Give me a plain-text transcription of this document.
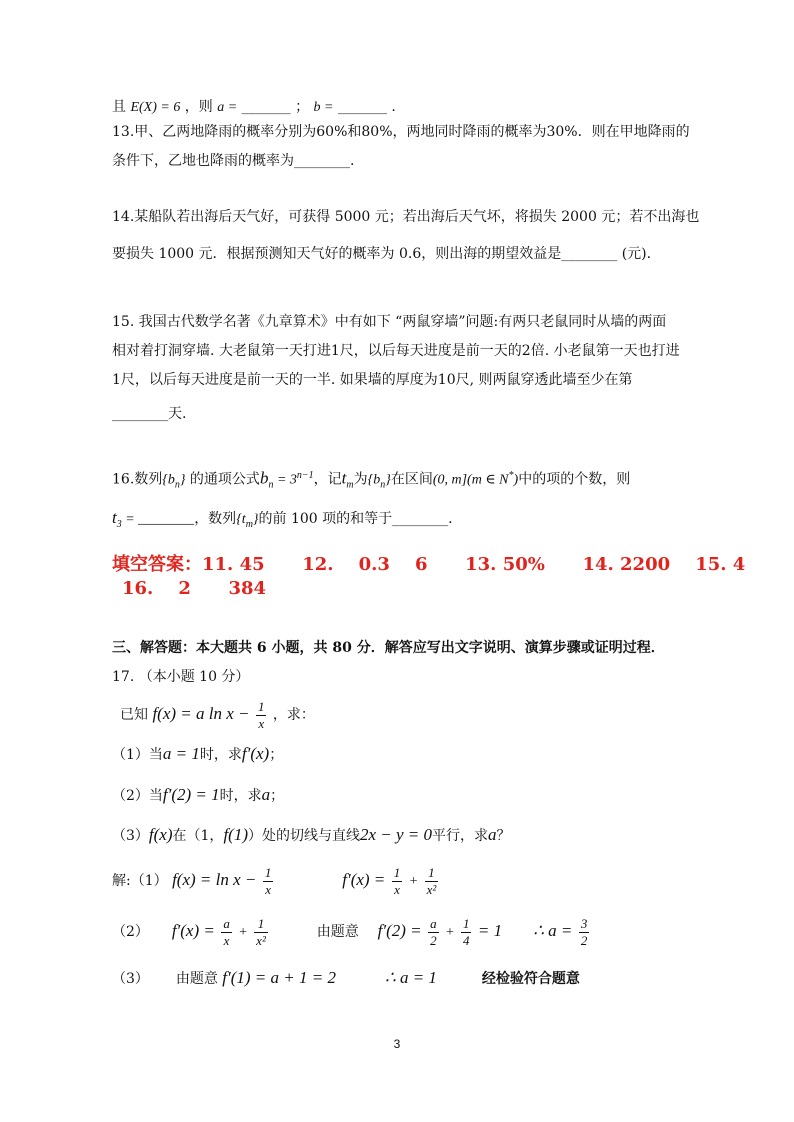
且 E(X) = 6 ，则 a = _______ ； b = _______ .
13.甲、乙两地降雨的概率分别为60%和80%，两地同时降雨的概率为30%．则在甲地降雨的
条件下，乙地也降雨的概率为________.
14.某船队若出海后天气好，可获得 5000 元；若出海后天气坏，将损失 2000 元；若不出海也
要损失 1000 元．根据预测知天气好的概率为 0.6，则出海的期望效益是________ (元).
15. 我国古代数学名著《九章算术》中有如下 “两鼠穿墙”问题:有两只老鼠同时从墙的两面
相对着打洞穿墙. 大老鼠第一天打进1尺，以后每天进度是前一天的2倍. 小老鼠第一天也打进
1尺，以后每天进度是前一天的一半. 如果墙的厚度为10尺, 则两鼠穿透此墙至少在第
________天.
16.数列$\{b_n\}$ 的通项公式$b_n = 3^{n-1}$，记$t_m$为$\{b_n\}$在区间(0, m](m ∈ N*)中的项的个数，则
$t_3$ = ________，数列$\{t_m\}$的前 100 项的和等于________.
填空答案：11. 45      12.    0.3    6      13. 50%      14. 2200    15. 4
16.    2      384
三、解答题：本大题共 6 小题，共 80 分．解答应写出文字说明、演算步骤或证明过程．
17. （本小题 10 分）
已知 f(x) = a $\ln x - \frac{1}{x}$ ，求：
（1）当a = 1时，求f′(x)；
（2）当f′(2) = 1时，求a；
（3）f(x)在（1，f(1)）处的切线与直线2x − y = 0平行，求a？
解:（1） $f(x) = \ln x - \frac{1}{x}$	$f'(x) = \frac{1}{x} + \frac{1}{\text{x²}}$
（2） $f'(x) = \frac{a}{x} + \frac{1}{\text{x²}}$	由题意 $f'(2) = \frac{a}{2} + \frac{1}{4} = 1$ ∴ $a = \frac{3}{2}$
（3） 由题意 f′(1) = a + 1 = 2	∴ a = 1	经检验符合题意
3
